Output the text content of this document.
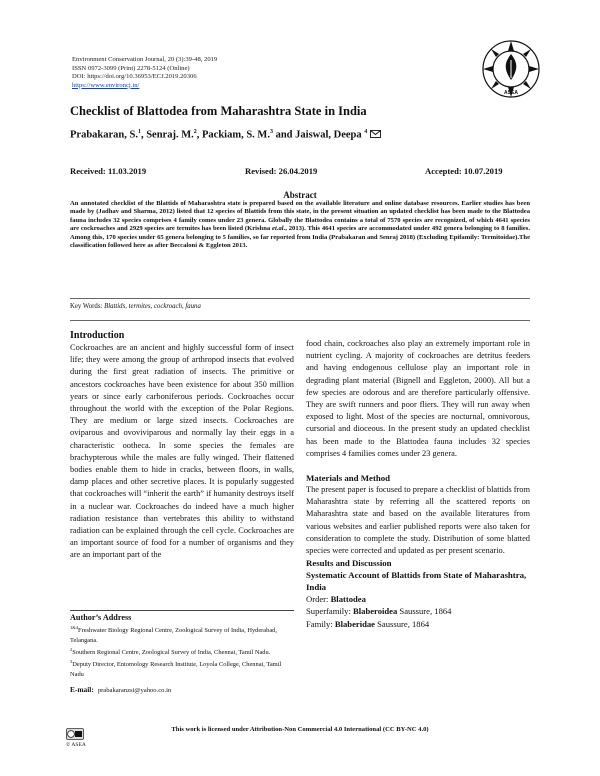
Environment Conservation Journal, 20 (3):39-48, 2019
ISSN 0972-3099 (Print) 2278-5124 (Online)
DOI: https://doi.org/10.36953/ECJ.2019.20306
https://www.environcj.in/
ASEA
Checklist of Blattodea from Maharashtra State in India
Prabakaran, S.$^1$, Senraj. M.$^2$, Packiam, S. M.$^3$ and Jaiswal, Deepa $^4$
Received: 11.03.2019	Revised: 26.04.2019	Accepted: 10.07.2019
Abstract
An annotated checklist of the Blattids of Maharashtra state is prepared based on the available literature and online database resources. Earlier studies has been made by (Jadhav and Sharma, 2012) listed that 12 species of Blattids from this state, in the present situation an updated checklist has been made to the Blattodea fauna includes 32 species comprises 4 family comes under 23 genera. Globally the Blattodea contains a total of 7570 species are recognized, of which 4641 species are cockroaches and 2929 species are termites has been listed (Krishna et.al., 2013). This 4641 species are accommodated under 492 genera belonging to 8 families. Among this, 170 species under 65 genera belonging to 5 families, so far reported from India (Prabakaran and Senraj 2018) (Excluding Epifamily: Termitoidae).The classification followed here as after Beccaloni & Eggleton 2013.
Key Words: Blattids, termites, cockroach, fauna
Introduction
Cockroaches are an ancient and highly successful form of insect life; they were among the group of arthropod insects that evolved during the first great radiation of insects. The primitive or ancestors cockroaches have been existence for about 350 million years or since early carboniferous periods. Cockroaches occur throughout the world with the exception of the Polar Regions. They are medium or large sized insects. Cockroaches are oviparous and ovoviviparous and normally lay their eggs in a characteristic ootheca. In some species the females are brachypterous while the males are fully winged. Their flattened bodies enable them to hide in cracks, between floors, in walls, damp places and other secretive places. It is popularly suggested that cockroaches will “inherit the earth” if humanity destroys itself in a nuclear war. Cockroaches do indeed have a much higher radiation resistance than vertebrates this ability to withstand radiation can be explained through the cell cycle. Cockroaches are an important source of food for a number of organisms and they are an important part of the
Author’s Address
$^{1\&4}$Freshwater Biology Regional Centre, Zoological Survey of India, Hyderabad, Telangana.
$^2$Southern Regional Centre, Zoological Survey of India, Chennai, Tamil Nadu.
$^3$Deputy Director, Entomology Research Institute, Loyola College, Chennai, Tamil Nadu
E-mail: prabakaranzsi@yahoo.co.in
food chain, cockroaches also play an extremely important role in nutrient cycling. A majority of cockroaches are detritus feeders and having endogenous cellulose play an important role in degrading plant material (Bignell and Eggleton, 2000). All but a few species are odorous and are therefore particularly offensive. They are swift runners and poor fliers. They will run away when exposed to light. Most of the species are nocturnal, omnivorous, cursorial and dioceous. In the present study an updated checklist has been made to the Blattodea fauna includes 32 species comprises 4 families comes under 23 genera.
Materials and Method
The present paper is focused to prepare a checklist of blattids from Maharashtra state by referring all the scattered reports on Maharashtra state and based on the available literatures from various websites and earlier published reports were also taken for consideration to complete the study. Distribution of some blatted species were corrected and updated as per present scenario.
Results and Discussion
Systematic Account of Blattids from State of Maharashtra, India
Order: Blattodea
Superfamily: Blaberoidea Saussure, 1864
Family: Blaberidae Saussure, 1864
This work is licensed under Attribution-Non Commercial 4.0 International (CC BY-NC 4.0)
© ASEA
